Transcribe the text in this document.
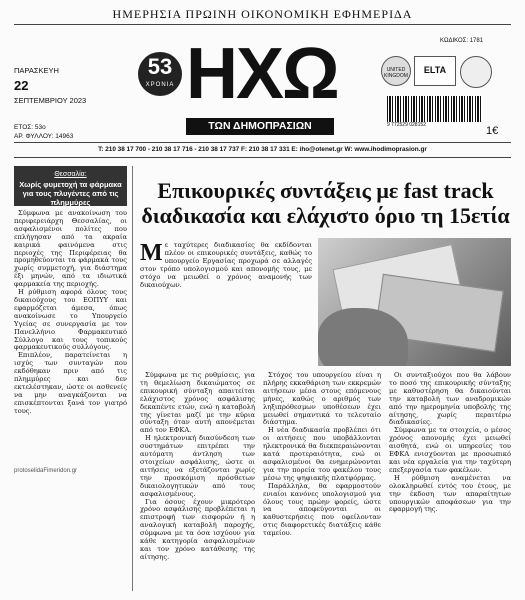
ΗΜΕΡΗΣΙΑ ΠΡΩΙΝΗ ΟΙΚΟΝΟΜΙΚΗ ΕΦΗΜΕΡΙΔΑ
ΠΑΡΑΣΚΕΥΗ
22
ΣΕΠΤΕΜΒΡΙΟΥ 2023
ΕΤΟΣ: 53ο
ΑΡ. ΦΥΛΛΟΥ: 14963
53
ΧΡΟΝΙΑ ΗΧΩ
ΤΩΝ ΔΗΜΟΠΡΑΣΙΩΝ
ΚΩΔΙΚΟΣ: 1781
UNITED KINGDOM
ELTA
9 772529 028152	1€
Τ: 210 38 17 700 - 210 38 17 716 - 210 38 17 737 F: 210 38 17 331 E: iho@otenet.gr W: www.ihodimoprasion.gr
Θεσσαλία:
Χωρίς φυμετοχή τα φάρμακα για τους πλυγέντες από τις πλημμύρες

Σύμφωνα με ανακοίνωση του περιφερειάρχη Θεσσαλίας, οι ασφαλισμένοι πολίτες που επλήγησαν από τα ακραία καιρικά φαινόμενα στις περιοχές της Περιφέρειας θα προμηθεύονται τα φάρμακά τους χωρίς συμμετοχή, για διάστημα έξι μηνών, από τα ιδιωτικά φαρμακεία της περιοχής.

Η ρύθμιση αφορά όλους τους δικαιούχους του ΕΟΠΥΥ και εφαρμόζεται άμεσα, όπως ανακοίνωσε το Υπουργείο Υγείας σε συνεργασία με τον Πανελλήνιο Φαρμακευτικό Σύλλογο και τους τοπικούς φαρμακευτικούς συλλόγους.

Επιπλέον, παρατείνεται η ισχύς των συνταγών που εκδόθηκαν πριν από τις πλημμύρες και δεν εκτελέστηκαν, ώστε οι ασθενείς να μην αναγκάζονται να επισκέπτονται ξανά τον γιατρό τους.

protoselidaFimeridon.gr
Επικουρικές συντάξεις με fast track
διαδικασία και ελάχιστο όριο τη 15ετία
Μ ε ταχύτερες διαδικασίες θα εκδίδονται πλέον οι επικουρικές συντάξεις, καθώς το υπουργείο Εργασίας προχωρά σε αλλαγές στον τρόπο υπολογισμού και απονομής τους, με στόχο να μειωθεί ο χρόνος αναμονής των δικαιούχων.

Σύμφωνα με τις ρυθμίσεις, για τη θεμελίωση δικαιώματος σε επικουρική σύνταξη απαιτείται ελάχιστος χρόνος ασφάλισης δεκαπέντε ετών, ενώ η καταβολή της γίνεται μαζί με την κύρια σύνταξη όταν αυτή απονέμεται από τον ΕΦΚΑ.

Η ηλεκτρονική διασύνδεση των συστημάτων επιτρέπει την αυτόματη άντληση των στοιχείων ασφάλισης, ώστε οι αιτήσεις να εξετάζονται χωρίς την προσκόμιση πρόσθετων δικαιολογητικών από τους ασφαλισμένους.

Για όσους έχουν μικρότερο χρόνο ασφάλισης προβλέπεται η επιστροφή των εισφορών ή η αναλογική καταβολή παροχής, σύμφωνα με τα όσα ισχύουν για κάθε κατηγορία ασφαλισμένων και τον χρόνο κατάθεσης της αίτησης.

Στόχος του υπουργείου είναι η πλήρης εκκαθάριση των εκκρεμών αιτήσεων μέσα στους επόμενους μήνες, καθώς ο αριθμός των ληξιπρόθεσμων υποθέσεων έχει μειωθεί σημαντικά το τελευταίο διάστημα.

Η νέα διαδικασία προβλέπει ότι οι αιτήσεις που υποβάλλονται ηλεκτρονικά θα διεκπεραιώνονται κατά προτεραιότητα, ενώ οι ασφαλισμένοι θα ενημερώνονται για την πορεία του φακέλου τους μέσω της ψηφιακής πλατφόρμας.

Παράλληλα, θα εφαρμοστούν ενιαίοι κανόνες υπολογισμού για όλους τους πρώην φορείς, ώστε να αποφεύγονται οι καθυστερήσεις που οφείλονταν στις διαφορετικές διατάξεις κάθε ταμείου.

Οι συνταξιούχοι που θα λάβουν το ποσό της επικουρικής σύνταξης με καθυστέρηση θα δικαιούνται την καταβολή των αναδρομικών από την ημερομηνία υποβολής της αίτησης, χωρίς περαιτέρω διαδικασίες.

Σύμφωνα με τα στοιχεία, ο μέσος χρόνος απονομής έχει μειωθεί αισθητά, ενώ οι υπηρεσίες του ΕΦΚΑ ενισχύονται με προσωπικό και νέα εργαλεία για την ταχύτερη επεξεργασία των φακέλων.

Η ρύθμιση αναμένεται να ολοκληρωθεί εντός του έτους, με την έκδοση των απαραίτητων υπουργικών αποφάσεων για την εφαρμογή της.
